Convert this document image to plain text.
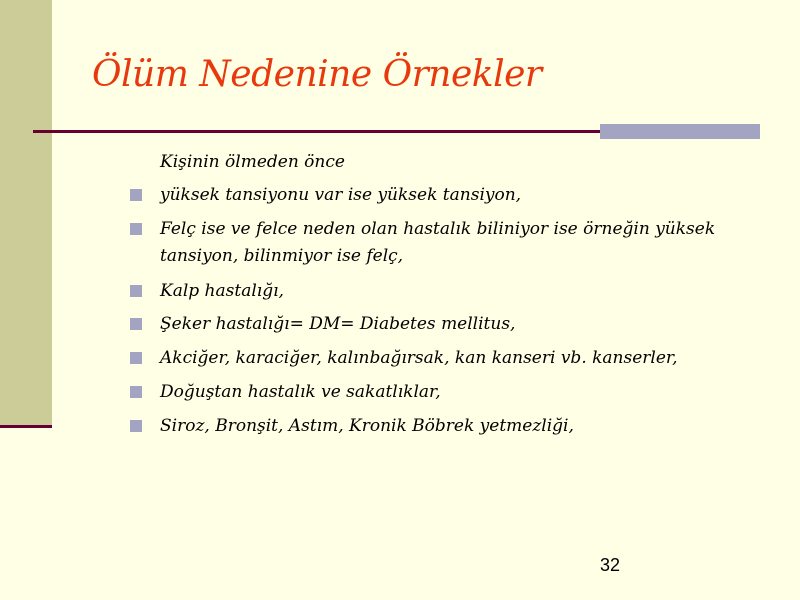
Ölüm Nedenine Örnekler
Kişinin ölmeden önce
yüksek tansiyonu var ise yüksek tansiyon,
Felç ise ve felce neden olan hastalık biliniyor ise örneğin yüksek
tansiyon, bilinmiyor ise felç,
Kalp hastalığı,
Şeker hastalığı= DM= Diabetes mellitus,
Akciğer, karaciğer, kalınbağırsak, kan kanseri vb. kanserler,
Doğuştan hastalık ve sakatlıklar,
Siroz, Bronşit, Astım, Kronik Böbrek yetmezliği,
32
